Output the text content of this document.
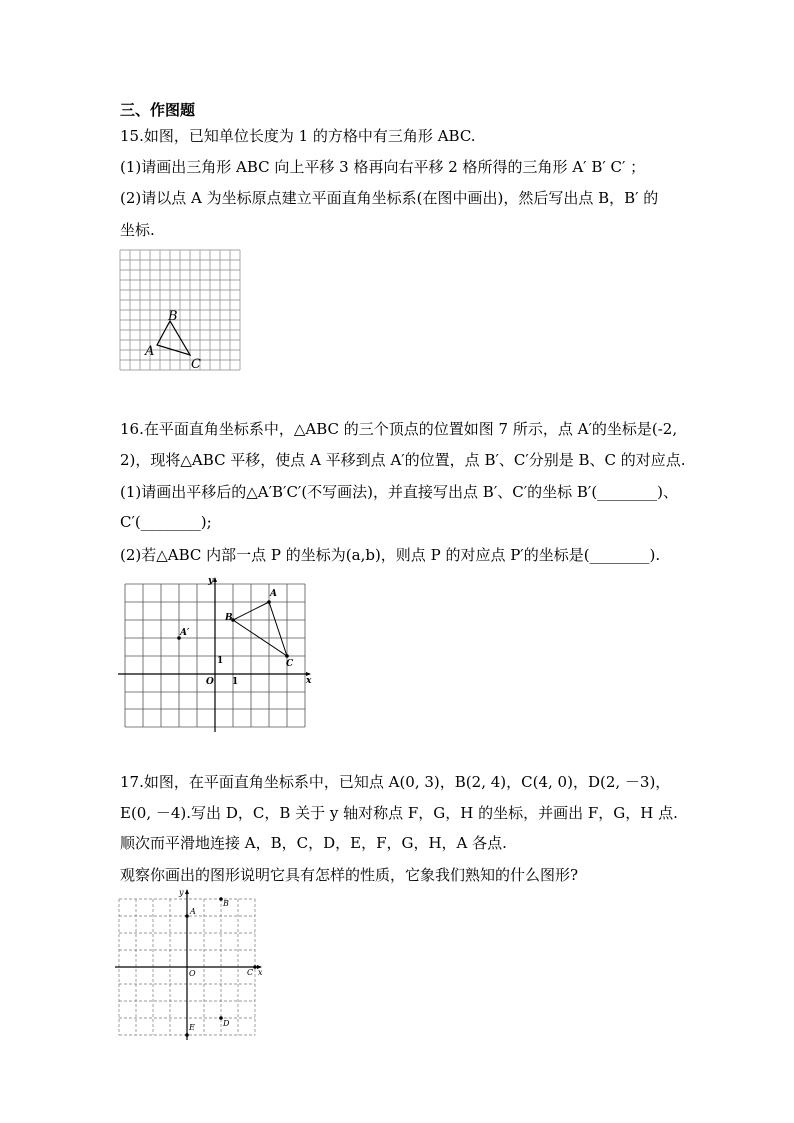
三、作图题
15.如图，已知单位长度为 1 的方格中有三角形 ABC.
(1)请画出三角形 ABC 向上平移 3 格再向右平移 2 格所得的三角形 A′ B′ C′ ；
(2)请以点 A 为坐标原点建立平面直角坐标系(在图中画出)，然后写出点 B，B′ 的
坐标.
A
B
C
16.在平面直角坐标系中，△ABC 的三个顶点的位置如图 7 所示，点 A′的坐标是(-2,
2)，现将△ABC 平移，使点 A 平移到点 A′的位置，点 B′、C′分别是 B、C 的对应点.
(1)请画出平移后的△A′B′C′(不写画法)，并直接写出点 B′、C′的坐标 B′(________)、
C′(________);
(2)若△ABC 内部一点 P 的坐标为(a,b)，则点 P 的对应点 P′的坐标是(________).
A
B
C
A′
O 1
1
x
y
17.如图，在平面直角坐标系中，已知点 A(0, 3)，B(2, 4)，C(4, 0)，D(2, －3)，
E(0, －4).写出 D，C，B 关于 y 轴对称点 F，G，H 的坐标，并画出 F，G，H 点.
顺次而平滑地连接 A，B，C，D，E，F，G，H，A 各点.
观察你画出的图形说明它具有怎样的性质，它象我们熟知的什么图形?
A
B
C
D
E
O	x
y
